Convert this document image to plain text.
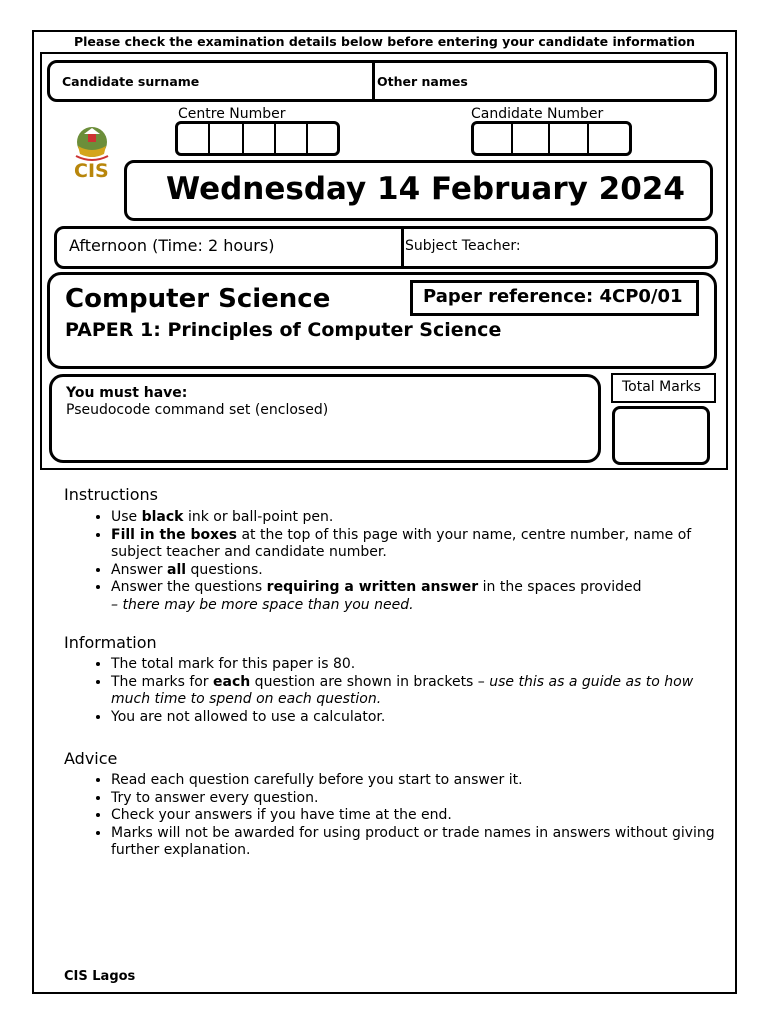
Please check the examination details below before entering your candidate information
Candidate surname	Other names
Centre Number	Candidate Number
CIS Wednesday 14 February 2024
Afternoon (Time: 2 hours)	Subject Teacher:
Computer Science
PAPER 1: Principles of Computer Science
Paper reference: 4CP0/01
You must have:
Pseudocode command set (enclosed)
Total Marks
Instructions
• Use black ink or ball-point pen.
• Fill in the boxes at the top of this page with your name, centre number, name of subject teacher and candidate number.
• Answer all questions.
• Answer the questions requiring a written answer in the spaces provided
– there may be more space than you need.
Information
• The total mark for this paper is 80.
• The marks for each question are shown in brackets – use this as a guide as to how much time to spend on each question.
• You are not allowed to use a calculator.
Advice
• Read each question carefully before you start to answer it.
• Try to answer every question.
• Check your answers if you have time at the end.
• Marks will not be awarded for using product or trade names in answers without giving further explanation.
CIS Lagos
